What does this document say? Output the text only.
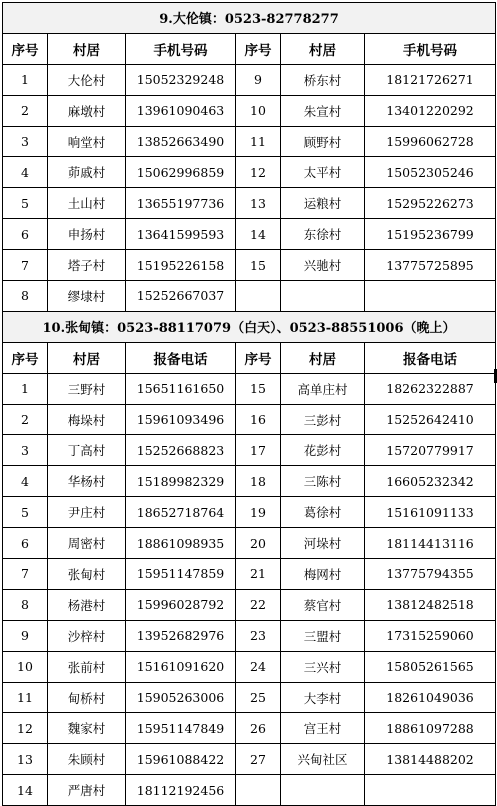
9.大伦镇：0523-82778277					
序号	村居	手机号码	序号	村居	手机号码
1	大伦村	15052329248	9	桥东村	18121726271
2	麻墩村	13961090463	10	朱宣村	13401220292
3	响堂村	13852663490	11	顾野村	15996062728
4	茆戚村	15062996859	12	太平村	15052305246
5	土山村	13655197736	13	运粮村	15295226273
6	申扬村	13641599593	14	东徐村	15195236799
7	塔子村	15195226158	15	兴驰村	13775725895
8	缪埭村	15252667037			
10.张甸镇：0523-88117079（白天）、0523-88551006（晚上）					
序号	村居	报备电话	序号	村居	报备电话
1	三野村	15651161650	15	高单庄村	18262322887
2	梅垛村	15961093496	16	三彭村	15252642410
3	丁高村	15252668823	17	花彭村	15720779917
4	华杨村	15189982329	18	三陈村	16605232342
5	尹庄村	18652718764	19	葛徐村	15161091133
6	周密村	18861098935	20	河垛村	18114413116
7	张甸村	15951147859	21	梅网村	13775794355
8	杨港村	15996028792	22	蔡官村	13812482518
9	沙梓村	13952682976	23	三盟村	17315259060
10	张前村	15161091620	24	三兴村	15805261565
11	甸桥村	15905263006	25	大李村	18261049036
12	魏家村	15951147849	26	宫王村	18861097288
13	朱顾村	15961088422	27	兴甸社区	13814488202
14	严唐村	18112192456			
